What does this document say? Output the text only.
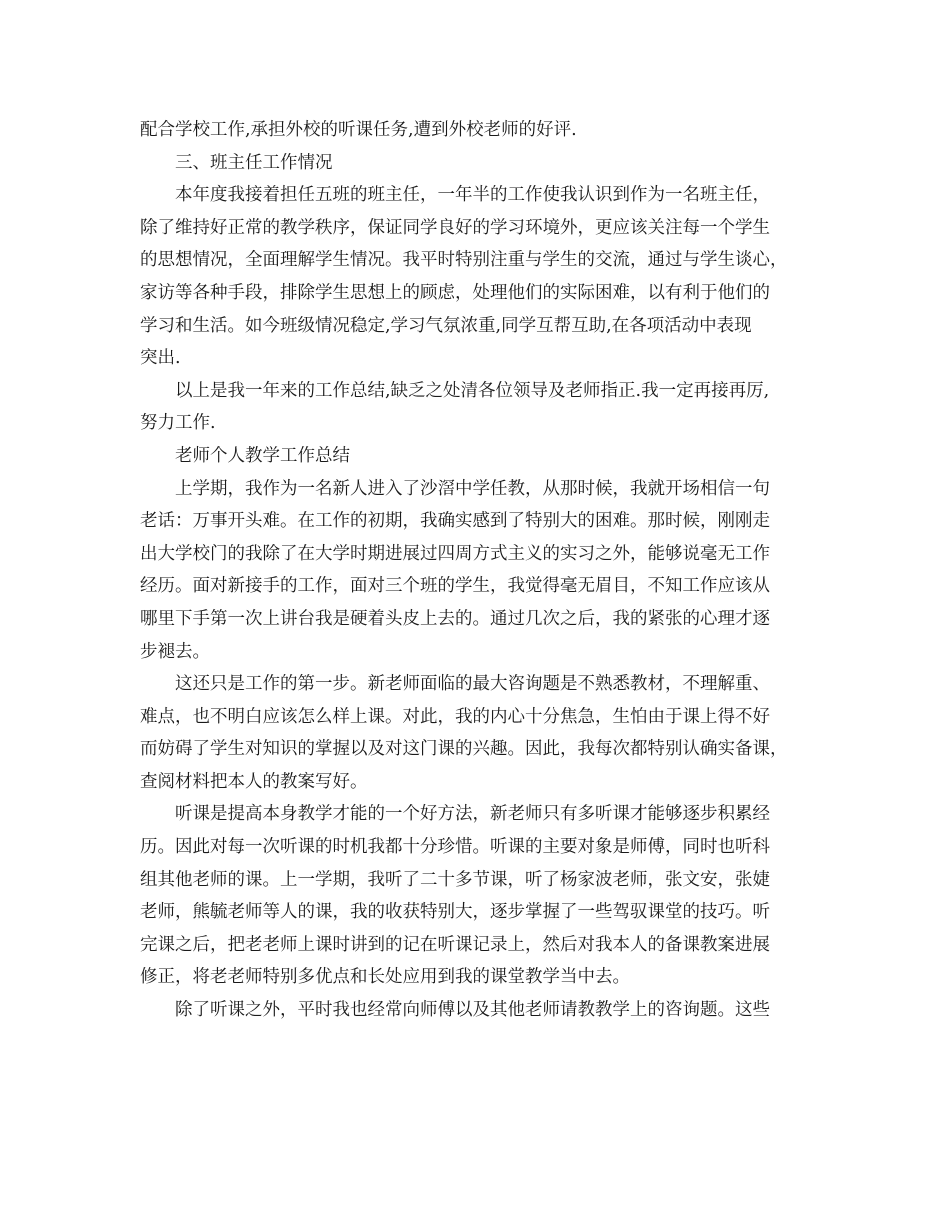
配合学校工作,承担外校的听课任务,遭到外校老师的好评.
三、班主任工作情况
本年度我接着担任五班的班主任，一年半的工作使我认识到作为一名班主任，
除了维持好正常的教学秩序，保证同学良好的学习环境外，更应该关注每一个学生
的思想情况，全面理解学生情况。我平时特别注重与学生的交流，通过与学生谈心，
家访等各种手段，排除学生思想上的顾虑，处理他们的实际困难，以有利于他们的
学习和生活。如今班级情况稳定,学习气氛浓重,同学互帮互助,在各项活动中表现
突出.
以上是我一年来的工作总结,缺乏之处清各位领导及老师指正.我一定再接再厉,
努力工作.
老师个人教学工作总结
上学期，我作为一名新人进入了沙滘中学任教，从那时候，我就开场相信一句
老话：万事开头难。在工作的初期，我确实感到了特别大的困难。那时候，刚刚走
出大学校门的我除了在大学时期进展过四周方式主义的实习之外，能够说毫无工作
经历。面对新接手的工作，面对三个班的学生，我觉得毫无眉目，不知工作应该从
哪里下手第一次上讲台我是硬着头皮上去的。通过几次之后，我的紧张的心理才逐
步褪去。
这还只是工作的第一步。新老师面临的最大咨询题是不熟悉教材，不理解重、
难点，也不明白应该怎么样上课。对此，我的内心十分焦急，生怕由于课上得不好
而妨碍了学生对知识的掌握以及对这门课的兴趣。因此，我每次都特别认确实备课，
查阅材料把本人的教案写好。
听课是提高本身教学才能的一个好方法，新老师只有多听课才能够逐步积累经
历。因此对每一次听课的时机我都十分珍惜。听课的主要对象是师傅，同时也听科
组其他老师的课。上一学期，我听了二十多节课，听了杨家波老师，张文安，张婕
老师，熊毓老师等人的课，我的收获特别大，逐步掌握了一些驾驭课堂的技巧。听
完课之后，把老老师上课时讲到的记在听课记录上，然后对我本人的备课教案进展
修正，将老老师特别多优点和长处应用到我的课堂教学当中去。
除了听课之外，平时我也经常向师傅以及其他老师请教教学上的咨询题。这些
